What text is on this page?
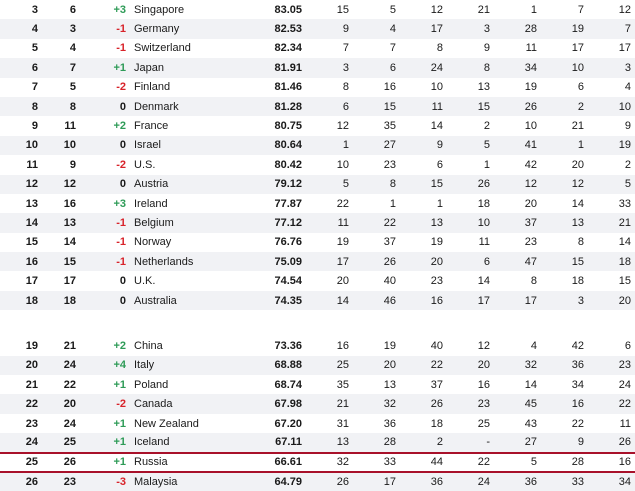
3	6	+3	Singapore	83.05	15	5	12	21	1	7	12
4	3	-1	Germany	82.53	9	4	17	3	28	19	7
5	4	-1	Switzerland	82.34	7	7	8	9	11	17	17
6	7	+1	Japan	81.91	3	6	24	8	34	10	3
7	5	-2	Finland	81.46	8	16	10	13	19	6	4
8	8	0	Denmark	81.28	6	15	11	15	26	2	10
9	11	+2	France	80.75	12	35	14	2	10	21	9
10	10	0	Israel	80.64	1	27	9	5	41	1	19
11	9	-2	U.S.	80.42	10	23	6	1	42	20	2
12	12	0	Austria	79.12	5	8	15	26	12	12	5
13	16	+3	Ireland	77.87	22	1	1	18	20	14	33
14	13	-1	Belgium	77.12	11	22	13	10	37	13	21
15	14	-1	Norway	76.76	19	37	19	11	23	8	14
16	15	-1	Netherlands	75.09	17	26	20	6	47	15	18
17	17	0	U.K.	74.54	20	40	23	14	8	18	15
18	18	0	Australia	74.35	14	46	16	17	17	3	20

19	21	+2	China	73.36	16	19	40	12	4	42	6
20	24	+4	Italy	68.88	25	20	22	20	32	36	23
21	22	+1	Poland	68.74	35	13	37	16	14	34	24
22	20	-2	Canada	67.98	21	32	26	23	45	16	22
23	24	+1	New Zealand	67.20	31	36	18	25	43	22	11
24	25	+1	Iceland	67.11	13	28	2	-	27	9	26
25	26	+1	Russia	66.61	32	33	44	22	5	28	16
26	23	-3	Malaysia	64.79	26	17	36	24	36	33	34
